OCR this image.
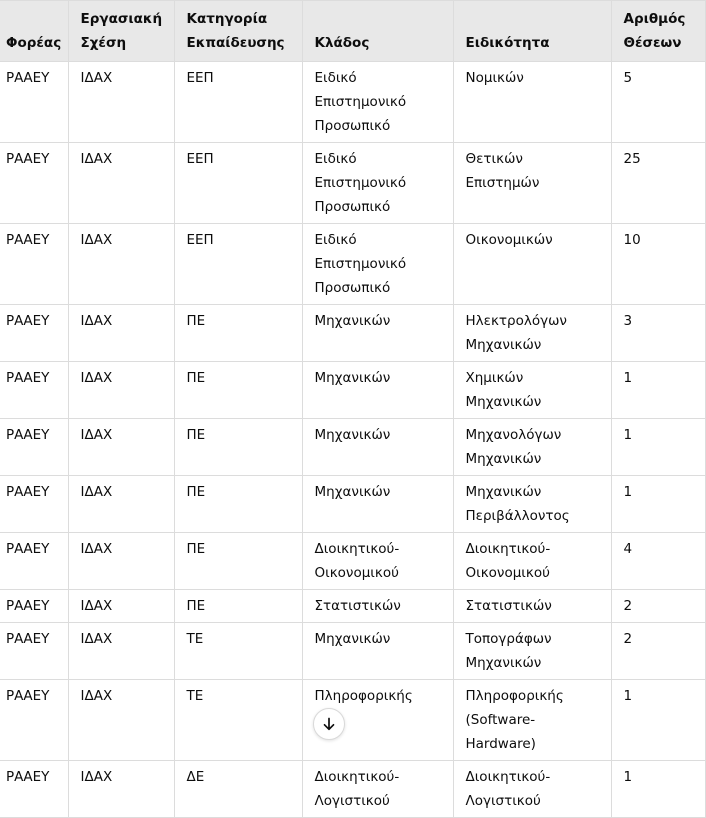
Φορέας	Εργασιακή Σχέση	Κατηγορία Εκπαίδευσης	Κλάδος	Ειδικότητα	Αριθμός Θέσεων
ΡΑΑΕΥ	ΙΔΑΧ	ΕΕΠ	Ειδικό Επιστημονικό Προσωπικό	Νομικών	5
ΡΑΑΕΥ	ΙΔΑΧ	ΕΕΠ	Ειδικό Επιστημονικό Προσωπικό	Θετικών Επιστημών	25
ΡΑΑΕΥ	ΙΔΑΧ	ΕΕΠ	Ειδικό Επιστημονικό Προσωπικό	Οικονομικών	10
ΡΑΑΕΥ	ΙΔΑΧ	ΠΕ	Μηχανικών	Ηλεκτρολόγων Μηχανικών	3
ΡΑΑΕΥ	ΙΔΑΧ	ΠΕ	Μηχανικών	Χημικών Μηχανικών	1
ΡΑΑΕΥ	ΙΔΑΧ	ΠΕ	Μηχανικών	Μηχανολόγων Μηχανικών	1
ΡΑΑΕΥ	ΙΔΑΧ	ΠΕ	Μηχανικών	Μηχανικών Περιβάλλοντος	1
ΡΑΑΕΥ	ΙΔΑΧ	ΠΕ	Διοικητικού-Οικονομικού	Διοικητικού-Οικονομικού	4
ΡΑΑΕΥ	ΙΔΑΧ	ΠΕ	Στατιστικών	Στατιστικών	2
ΡΑΑΕΥ	ΙΔΑΧ	ΤΕ	Μηχανικών	Τοπογράφων Μηχανικών	2
ΡΑΑΕΥ	ΙΔΑΧ	ΤΕ	Πληροφορικής	Πληροφορικής (Software-Hardware)	1
ΡΑΑΕΥ	ΙΔΑΧ	ΔΕ	Διοικητικού-Λογιστικού	Διοικητικού-Λογιστικού	1
